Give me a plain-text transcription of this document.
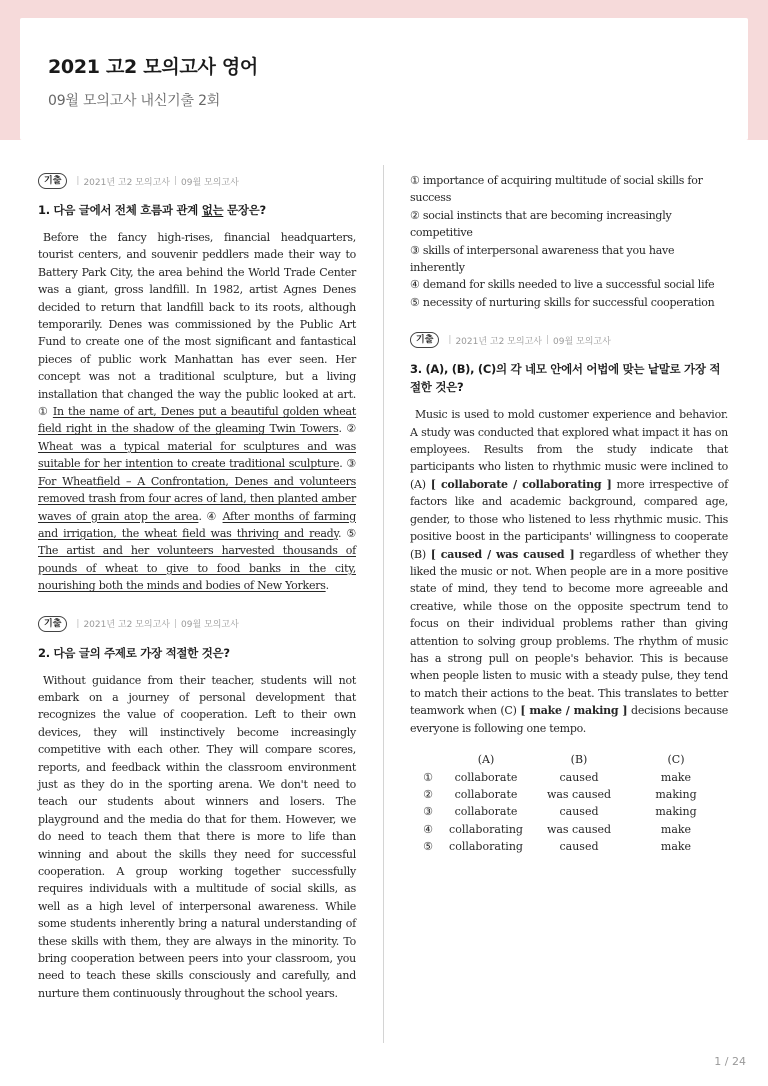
2021 고2 모의고사 영어
09월 모의고사 내신기출 2회
기출	| 2021년 고2 모의고사 | 09월 모의고사
1. 다음 글에서 전체 흐름과 관계 없는 문장은?

Before the fancy high-rises, financial headquarters, tourist centers, and souvenir peddlers made their way to Battery Park City, the area behind the World Trade Center was a giant, gross landfill. In 1982, artist Agnes Denes decided to return that landfill back to its roots, although temporarily. Denes was commissioned by the Public Art Fund to create one of the most significant and fantastical pieces of public work Manhattan has ever seen. Her concept was not a traditional sculpture, but a living installation that changed the way the public looked at art. ① In the name of art, Denes put a beautiful golden wheat field right in the shadow of the gleaming Twin Towers. ② Wheat was a typical material for sculptures and was suitable for her intention to create traditional sculpture. ③ For Wheatfield – A Confrontation, Denes and volunteers removed trash from four acres of land, then planted amber waves of grain atop the area. ④ After months of farming and irrigation, the wheat field was thriving and ready. ⑤ The artist and her volunteers harvested thousands of pounds of wheat to give to food banks in the city, nourishing both the minds and bodies of New Yorkers.

기출	| 2021년 고2 모의고사 | 09월 모의고사
2. 다음 글의 주제로 가장 적절한 것은?

Without guidance from their teacher, students will not embark on a journey of personal development that recognizes the value of cooperation. Left to their own devices, they will instinctively become increasingly competitive with each other. They will compare scores, reports, and feedback within the classroom environment just as they do in the sporting arena. We don't need to teach our students about winners and losers. The playground and the media do that for them. However, we do need to teach them that there is more to life than winning and about the skills they need for successful cooperation. A group working together successfully requires individuals with a multitude of social skills, as well as a high level of interpersonal awareness. While some students inherently bring a natural understanding of these skills with them, they are always in the minority. To bring cooperation between peers into your classroom, you need to teach these skills consciously and carefully, and nurture them continuously throughout the school years.

① importance of acquiring multitude of social skills for success
② social instincts that are becoming increasingly competitive
③ skills of interpersonal awareness that you have inherently
④ demand for skills needed to live a successful social life
⑤ necessity of nurturing skills for successful cooperation
기출	| 2021년 고2 모의고사 | 09월 모의고사
3. (A), (B), (C)의 각 네모 안에서 어법에 맞는 낱말로 가장 적절한 것은?

Music is used to mold customer experience and behavior. A study was conducted that explored what impact it has on employees. Results from the study indicate that participants who listen to rhythmic music were inclined to (A) [ collaborate / collaborating ] more irrespective of factors like and academic background, compared age, gender, to those who listened to less rhythmic music. This positive boost in the participants' willingness to cooperate (B) [ caused / was caused ] regardless of whether they liked the music or not. When people are in a more positive state of mind, they tend to become more agreeable and creative, while those on the opposite spectrum tend to focus on their individual problems rather than giving attention to solving group problems. The rhythm of music has a strong pull on people's behavior. This is because when people listen to music with a steady pulse, they tend to match their actions to the beat. This translates to better teamwork when (C) [ make / making ] decisions because everyone is following one tempo.

	(A)	(B)	(C)
①	collaborate	caused	make
②	collaborate	was caused	making
③	collaborate	caused	making
④	collaborating	was caused	make
⑤	collaborating	caused	make
1 / 24
